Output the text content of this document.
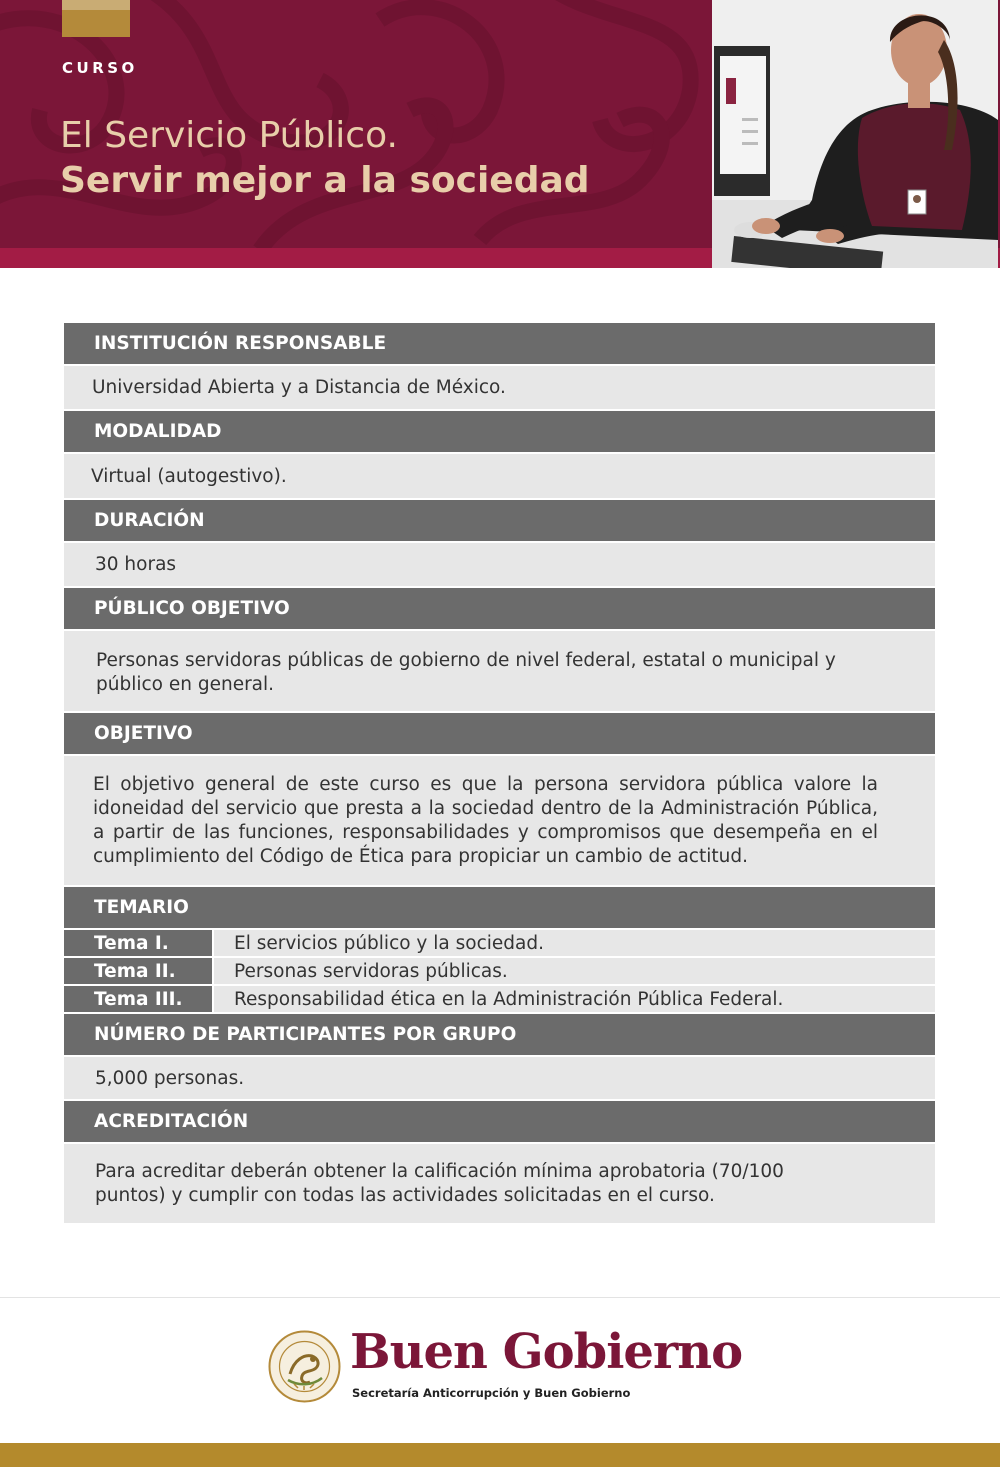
CURSO
El Servicio Público.
Servir mejor a la sociedad
INSTITUCIÓN RESPONSABLE
Universidad Abierta y a Distancia de México.
MODALIDAD
Virtual (autogestivo).
DURACIÓN
30 horas
PÚBLICO OBJETIVO
Personas servidoras públicas de gobierno de nivel federal, estatal o municipal y público en general.
OBJETIVO
El objetivo general de este curso es que la persona servidora pública valore la idoneidad del servicio que presta a la sociedad dentro de la Administración Pública, a partir de las funciones, responsabilidades y compromisos que desempeña en el cumplimiento del Código de Ética para propiciar un cambio de actitud.
TEMARIO
Tema I.	El servicios público y la sociedad.
Tema II.	Personas servidoras públicas.
Tema III.	Responsabilidad ética en la Administración Pública Federal.
NÚMERO DE PARTICIPANTES POR GRUPO
5,000 personas.
ACREDITACIÓN
Para acreditar deberán obtener la calificación mínima aprobatoria (70/100 puntos) y cumplir con todas las actividades solicitadas en el curso.
Buen Gobierno
Secretaría Anticorrupción y Buen Gobierno
